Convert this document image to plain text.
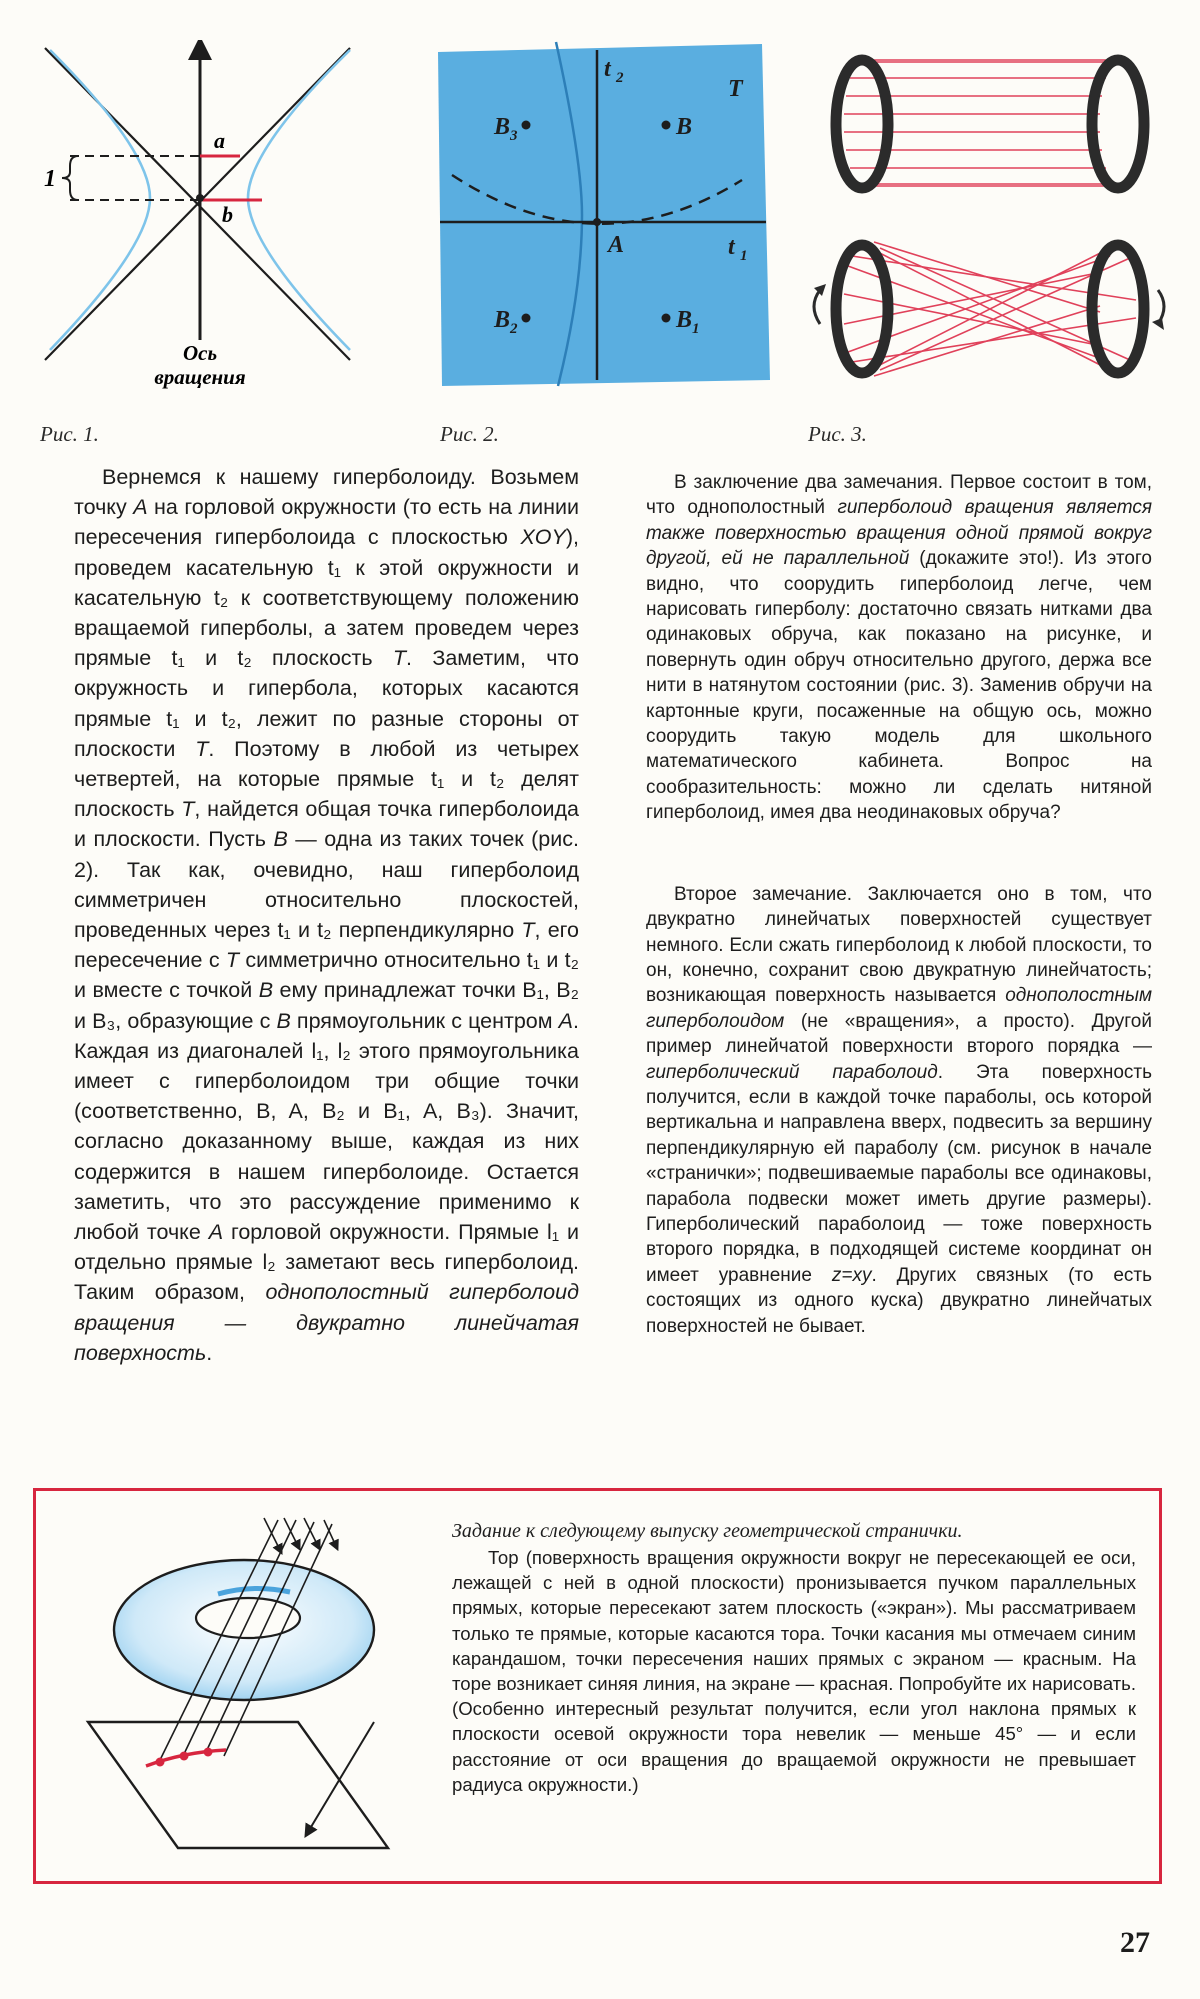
a
b
1
Ось
вращения
t 2	T
B
B 3
A	t 1
B 2	B 1
Рис. 1.	Рис. 2.	Рис. 3.

Вернемся к нашему гиперболоиду. Возьмем точку A на горловой окружности (то есть на линии пересечения гиперболоида с плоскостью XOY), проведем касательную t₁ к этой окружности и касательную t₂ к соответствующему положению вращаемой гиперболы, а затем проведем через прямые t₁ и t₂ плоскость T. Заметим, что окружность и гипербола, которых касаются прямые t₁ и t₂, лежит по разные стороны от плоскости T. Поэтому в любой из четырех четвертей, на которые прямые t₁ и t₂ делят плоскость T, найдется общая точка гиперболоида и плоскости. Пусть B — одна из таких точек (рис. 2). Так как, очевидно, наш гиперболоид симметричен относительно плоскостей, проведенных через t₁ и t₂ перпендикулярно T, его пересечение с T симметрично относительно t₁ и t₂ и вместе с точкой B ему принадлежат точки B₁, B₂ и B₃, образующие с B прямоугольник с центром A. Каждая из диагоналей l₁, l₂ этого прямоугольника имеет с гиперболоидом три общие точки (соответственно, B, A, B₂ и B₁, A, B₃). Значит, согласно доказанному выше, каждая из них содержится в нашем гиперболоиде. Остается заметить, что это рассуждение применимо к любой точке A горловой окружности. Прямые l₁ и отдельно прямые l₂ заметают весь гиперболоид. Таким образом, однополостный гиперболоид вращения — двукратно линейчатая поверхность.

В заключение два замечания. Первое состоит в том, что однополостный гиперболоид вращения является также поверхностью вращения одной прямой вокруг другой, ей не параллельной (докажите это!). Из этого видно, что соорудить гиперболоид легче, чем нарисовать гиперболу: достаточно связать нитками два одинаковых обруча, как показано на рисунке, и повернуть один обруч относительно другого, держа все нити в натянутом состоянии (рис. 3). Заменив обручи на картонные круги, посаженные на общую ось, можно соорудить такую модель для школьного математического кабинета. Вопрос на сообразительность: можно ли сделать нитяной гиперболоид, имея два неодинаковых обруча?

Второе замечание. Заключается оно в том, что двукратно линейчатых поверхностей существует немного. Если сжать гиперболоид к любой плоскости, то он, конечно, сохранит свою двукратную линейчатость; возникающая поверхность называется однополостным гиперболоидом (не «вращения», а просто). Другой пример линейчатой поверхности второго порядка — гиперболический параболоид. Эта поверхность получится, если в каждой точке параболы, ось которой вертикальна и направлена вверх, подвесить за вершину перпендикулярную ей параболу (см. рисунок в начале «странички»; подвешиваемые параболы все одинаковы, парабола подвески может иметь другие размеры). Гиперболический параболоид — тоже поверхность второго порядка, в подходящей системе координат он имеет уравнение z=xy. Других связных (то есть состоящих из одного куска) двукратно линейчатых поверхностей не бывает.

Задание к следующему выпуску геометрической странички.

Тор (поверхность вращения окружности вокруг не пересекающей ее оси, лежащей с ней в одной плоскости) пронизывается пучком параллельных прямых, которые пересекают затем плоскость («экран»). Мы рассматриваем только те прямые, которые касаются тора. Точки касания мы отмечаем синим карандашом, точки пересечения наших прямых с экраном — красным. На торе возникает синяя линия, на экране — красная. Попробуйте их нарисовать. (Особенно интересный результат получится, если угол наклона прямых к плоскости осевой окружности тора невелик — меньше 45° — и если расстояние от оси вращения до вращаемой окружности не превышает радиуса окружности.)

27
